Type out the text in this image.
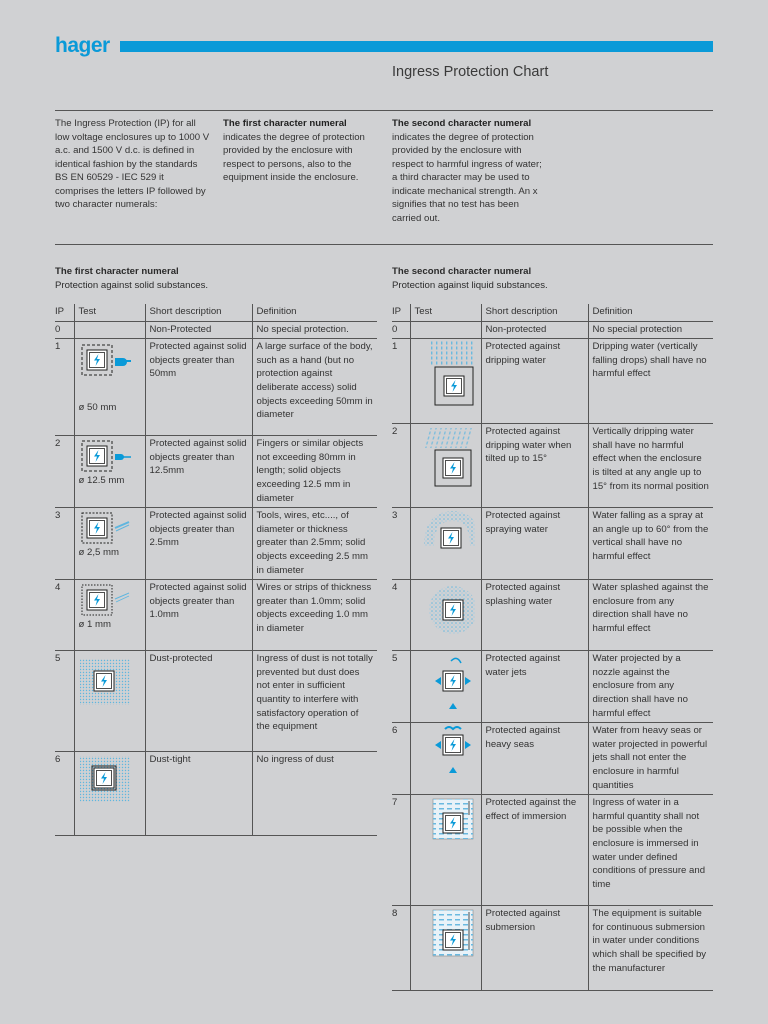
hager
Ingress Protection Chart
The Ingress Protection (IP) for all low voltage enclosures up to 1000 V a.c. and 1500 V d.c. is defined in identical fashion by the standards BS EN 60529 - IEC 529 it comprises the letters IP followed by two character numerals:
The first character numeral
indicates the degree of protection provided by the enclosure with respect to persons, also to the equipment inside the enclosure.
The second character numeral
indicates the degree of protection provided by the enclosure with respect to harmful ingress of water; a third character may be used to indicate mechanical strength. An x signifies that no test has been carried out.
The first character numeral
Protection against solid substances.
The second character numeral
Protection against liquid substances.
IP	Test	Short description	Definition
0		Non-Protected	No special protection.
1	ø 50 mm	Protected against solid objects greater than 50mm	A large surface of the body, such as a hand (but no protection against deliberate access) solid objects exceeding 50mm in diameter
2	ø 12.5 mm	Protected against solid objects greater than 12.5mm	Fingers or similar objects not exceeding 80mm in length; solid objects exceeding 12.5 mm in diameter
3	ø 2,5 mm	Protected against solid objects greater than 2.5mm	Tools, wires, etc...., of diameter or thickness greater than 2.5mm; solid objects exceeding 2.5 mm in diameter
4	ø 1 mm	Protected against solid objects greater than 1.0mm	Wires or strips of thickness greater than 1.0mm; solid objects exceeding 1.0 mm in diameter
5		Dust-protected	Ingress of dust is not totally prevented but dust does not enter in sufficient quantity to interfere with satisfactory operation of the equipment
6		Dust-tight	No ingress of dust
IP	Test	Short description	Definition
0		Non-protected	No special protection
1		Protected against dripping water	Dripping water (vertically falling drops) shall have no harmful effect
2		Protected against dripping water when tilted up to 15°	Vertically dripping water shall have no harmful effect when the enclosure is tilted at any angle up to 15° from its normal position
3		Protected against spraying water	Water falling as a spray at an angle up to 60° from the vertical shall have no harmful effect
4		Protected against splashing water	Water splashed against the enclosure from any direction shall have no harmful effect
5		Protected against water jets	Water projected by a nozzle against the enclosure from any direction shall have no harmful effect
6		Protected against heavy seas	Water from heavy seas or water projected in powerful jets shall not enter the enclosure in harmful quantities
7		Protected against the effect of immersion	Ingress of water in a harmful quantity shall not be possible when the enclosure is immersed in water under defined conditions of pressure and time
8		Protected against submersion	The equipment is suitable for continuous submersion in water under conditions which shall be specified by the manufacturer
